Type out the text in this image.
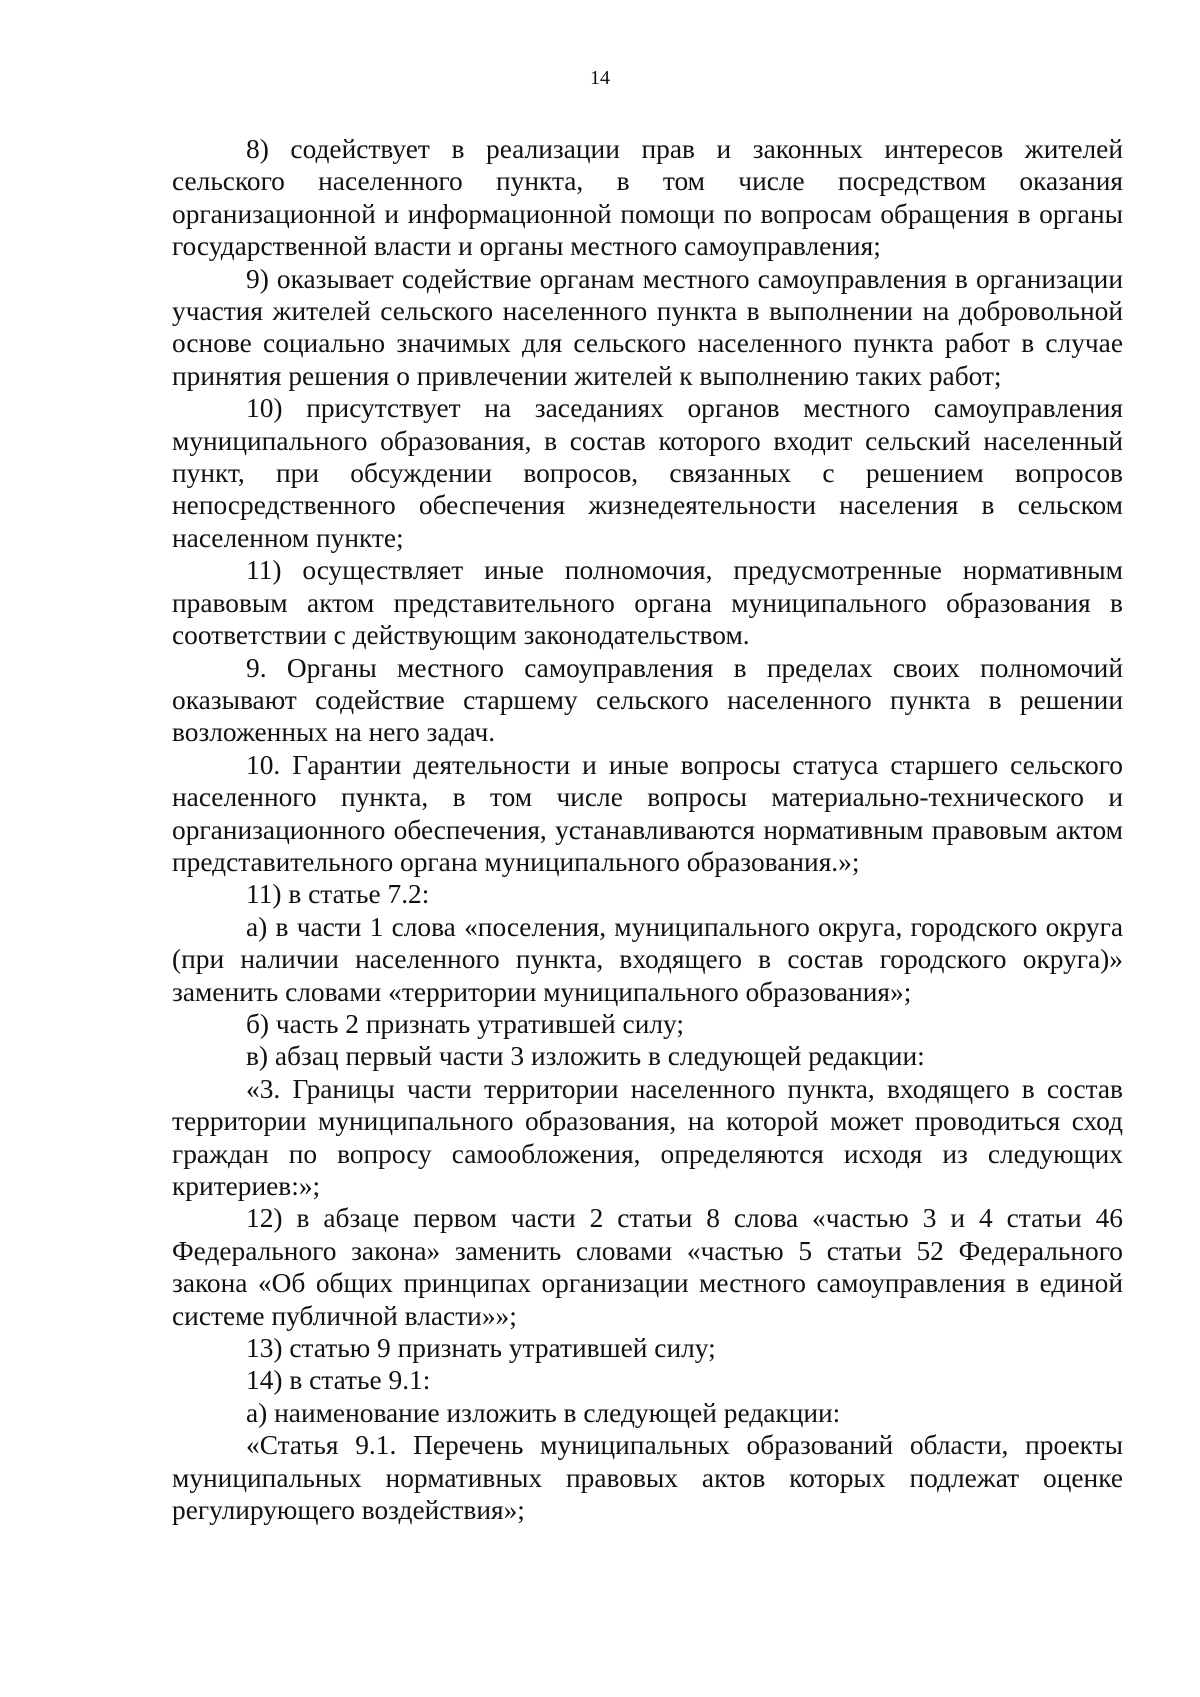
14

8) содействует в реализации прав и законных интересов жителей сельского населенного пункта, в том числе посредством оказания организационной и информационной помощи по вопросам обращения в органы государственной власти и органы местного самоуправления;

9) оказывает содействие органам местного самоуправления в организации участия жителей сельского населенного пункта в выполнении на добровольной основе социально значимых для сельского населенного пункта работ в случае принятия решения о привлечении жителей к выполнению таких работ;

10) присутствует на заседаниях органов местного самоуправления муниципального образования, в состав которого входит сельский населенный пункт, при обсуждении вопросов, связанных с решением вопросов непосредственного обеспечения жизнедеятельности населения в сельском населенном пункте;

11) осуществляет иные полномочия, предусмотренные нормативным правовым актом представительного органа муниципального образования в соответствии с действующим законодательством.

9. Органы местного самоуправления в пределах своих полномочий оказывают содействие старшему сельского населенного пункта в решении возложенных на него задач.

10. Гарантии деятельности и иные вопросы статуса старшего сельского населенного пункта, в том числе вопросы материально-технического и организационного обеспечения, устанавливаются нормативным правовым актом представительного органа муниципального образования.»;

11) в статье 7.2:

а) в части 1 слова «поселения, муниципального округа, городского округа (при наличии населенного пункта, входящего в состав городского округа)» заменить словами «территории муниципального образования»;

б) часть 2 признать утратившей силу;

в) абзац первый части 3 изложить в следующей редакции:

«3. Границы части территории населенного пункта, входящего в состав территории муниципального образования, на которой может проводиться сход граждан по вопросу самообложения, определяются исходя из следующих критериев:»;

12) в абзаце первом части 2 статьи 8 слова «частью 3 и 4 статьи 46 Федерального закона» заменить словами «частью 5 статьи 52 Федерального закона «Об общих принципах организации местного самоуправления в единой системе публичной власти»»;

13) статью 9 признать утратившей силу;

14) в статье 9.1:

а) наименование изложить в следующей редакции:

«Статья 9.1. Перечень муниципальных образований области, проекты муниципальных нормативных правовых актов которых подлежат оценке регулирующего воздействия»;
